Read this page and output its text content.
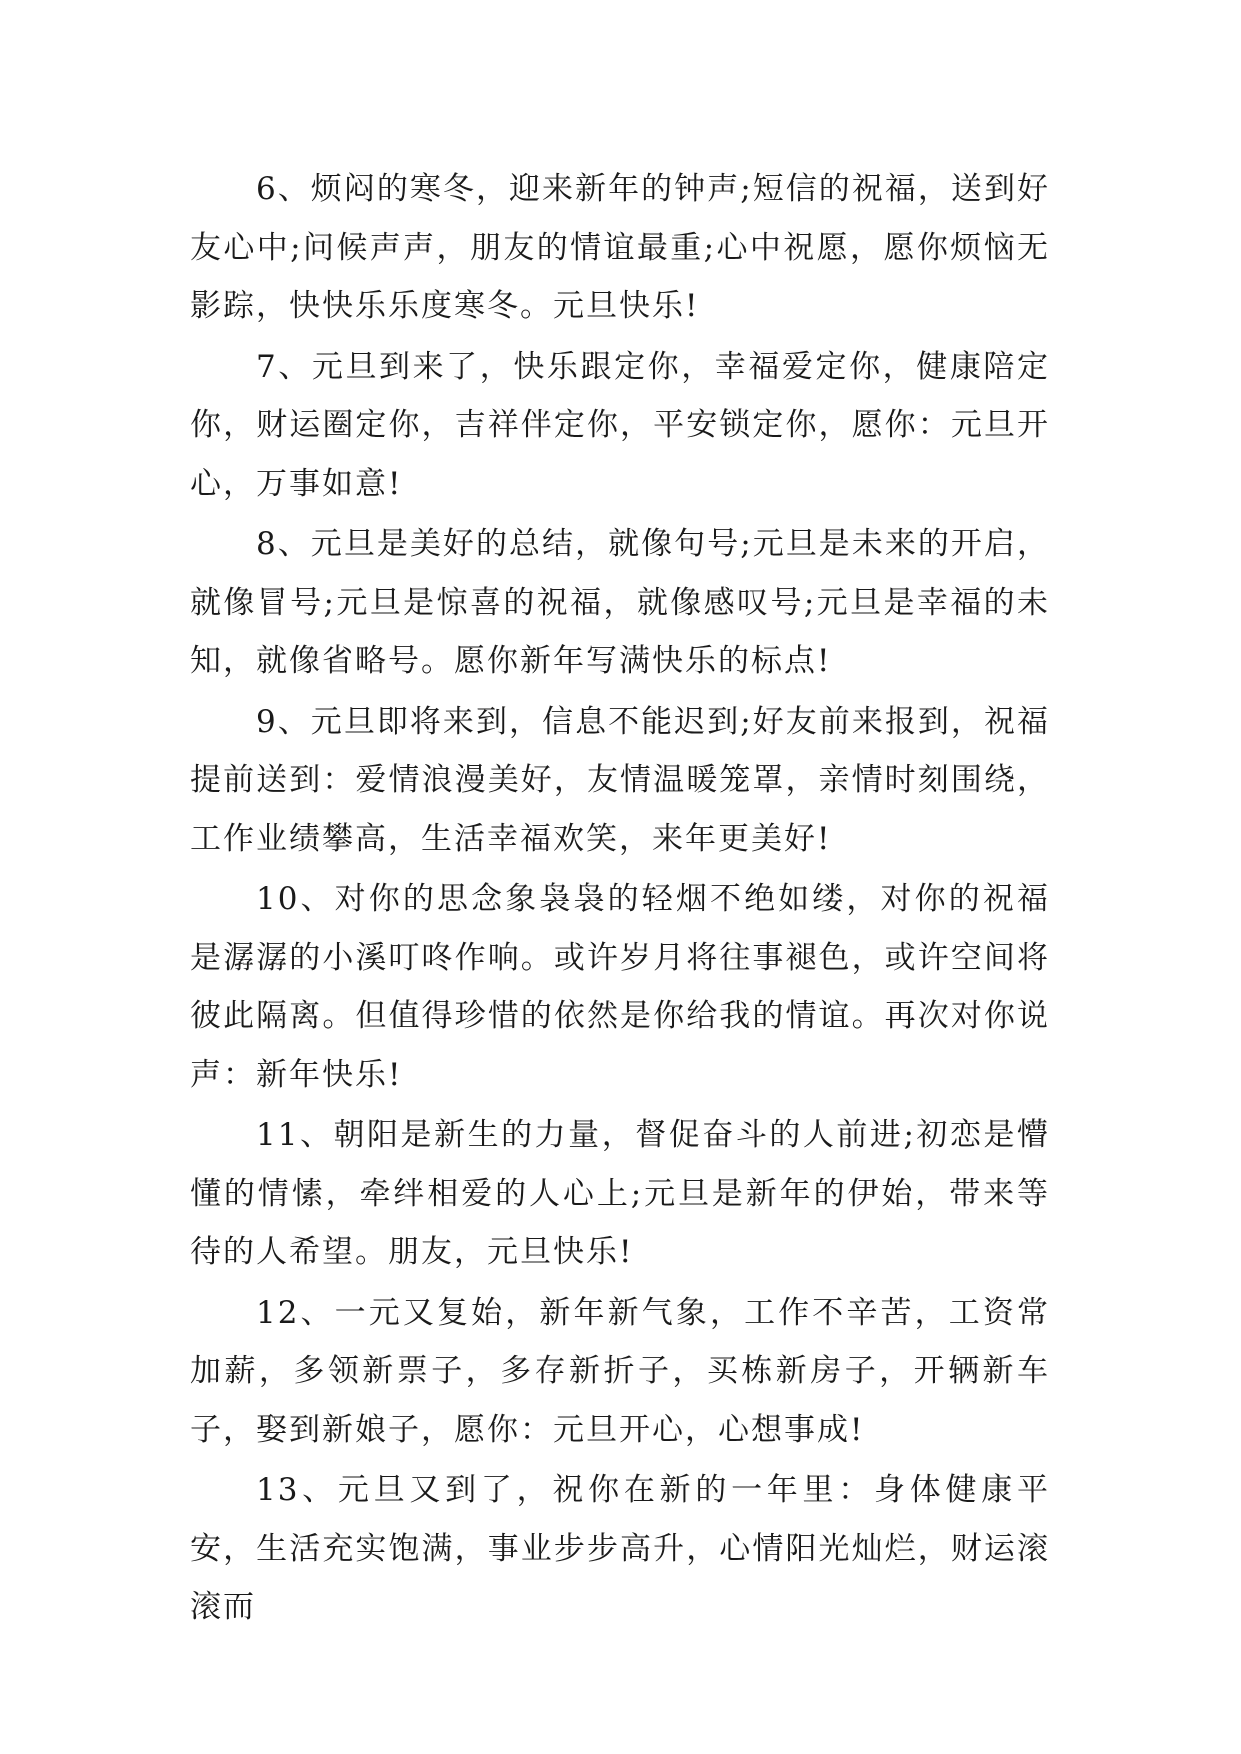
6、烦闷的寒冬，迎来新年的钟声;短信的祝福，送到好友心中;问候声声，朋友的情谊最重;心中祝愿，愿你烦恼无影踪，快快乐乐度寒冬。元旦快乐!

7、元旦到来了，快乐跟定你，幸福爱定你，健康陪定你，财运圈定你，吉祥伴定你，平安锁定你，愿你：元旦开心，万事如意!

8、元旦是美好的总结，就像句号;元旦是未来的开启，就像冒号;元旦是惊喜的祝福，就像感叹号;元旦是幸福的未知，就像省略号。愿你新年写满快乐的标点!

9、元旦即将来到，信息不能迟到;好友前来报到，祝福提前送到：爱情浪漫美好，友情温暖笼罩，亲情时刻围绕，工作业绩攀高，生活幸福欢笑，来年更美好!

10、对你的思念象袅袅的轻烟不绝如缕，对你的祝福是潺潺的小溪叮咚作响。或许岁月将往事褪色，或许空间将彼此隔离。但值得珍惜的依然是你给我的情谊。再次对你说声：新年快乐!

11、朝阳是新生的力量，督促奋斗的人前进;初恋是懵懂的情愫，牵绊相爱的人心上;元旦是新年的伊始，带来等待的人希望。朋友，元旦快乐!

12、一元又复始，新年新气象，工作不辛苦，工资常加薪，多领新票子，多存新折子，买栋新房子，开辆新车子，娶到新娘子，愿你：元旦开心，心想事成!

13、元旦又到了，祝你在新的一年里：身体健康平安，生活充实饱满，事业步步高升，心情阳光灿烂，财运滚滚而
